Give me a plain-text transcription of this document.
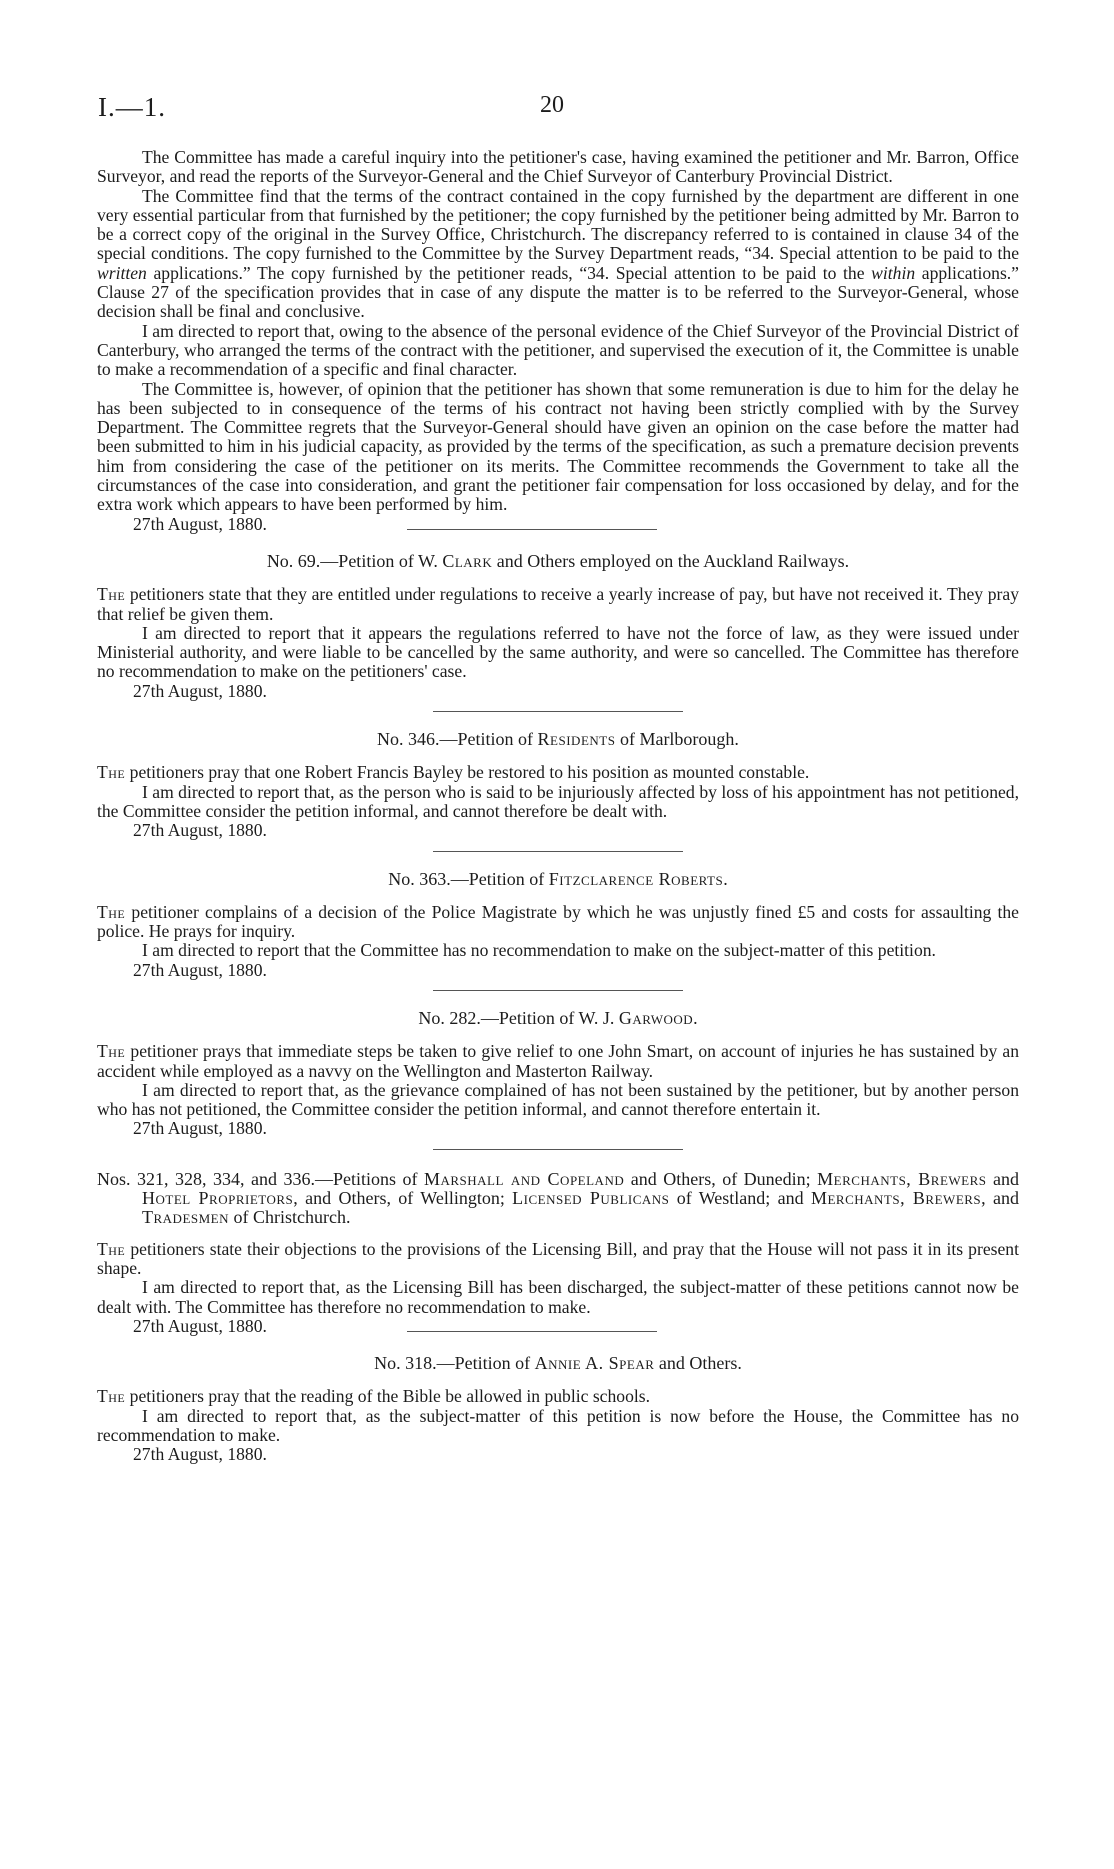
I.—1.	20

The Committee has made a careful inquiry into the petitioner's case, having examined the petitioner and Mr. Barron, Office Surveyor, and read the reports of the Surveyor-General and the Chief Surveyor of Canterbury Provincial District.

The Committee find that the terms of the contract contained in the copy furnished by the department are different in one very essential particular from that furnished by the petitioner; the copy furnished by the petitioner being admitted by Mr. Barron to be a correct copy of the original in the Survey Office, Christchurch. The discrepancy referred to is contained in clause 34 of the special conditions. The copy furnished to the Committee by the Survey Department reads, “34. Special attention to be paid to the written applications.” The copy furnished by the petitioner reads, “34. Special attention to be paid to the within applications.” Clause 27 of the specification provides that in case of any dispute the matter is to be referred to the Surveyor-General, whose decision shall be final and conclusive.

I am directed to report that, owing to the absence of the personal evidence of the Chief Surveyor of the Provincial District of Canterbury, who arranged the terms of the contract with the petitioner, and supervised the execution of it, the Committee is unable to make a recommendation of a specific and final character.

The Committee is, however, of opinion that the petitioner has shown that some remuneration is due to him for the delay he has been subjected to in consequence of the terms of his contract not having been strictly complied with by the Survey Department. The Committee regrets that the Surveyor-General should have given an opinion on the case before the matter had been submitted to him in his judicial capacity, as provided by the terms of the specification, as such a premature decision prevents him from considering the case of the petitioner on its merits. The Committee recommends the Government to take all the circumstances of the case into consideration, and grant the petitioner fair compensation for loss occasioned by delay, and for the extra work which appears to have been performed by him.

27th August, 1880.

No. 69.—Petition of W. Clark and Others employed on the Auckland Railways.

The petitioners state that they are entitled under regulations to receive a yearly increase of pay, but have not received it. They pray that relief be given them.

I am directed to report that it appears the regulations referred to have not the force of law, as they were issued under Ministerial authority, and were liable to be cancelled by the same authority, and were so cancelled. The Committee has therefore no recommendation to make on the petitioners' case.

27th August, 1880.

No. 346.—Petition of Residents of Marlborough.

The petitioners pray that one Robert Francis Bayley be restored to his position as mounted constable.

I am directed to report that, as the person who is said to be injuriously affected by loss of his appointment has not petitioned, the Committee consider the petition informal, and cannot therefore be dealt with.

27th August, 1880.

No. 363.—Petition of Fitzclarence Roberts.

The petitioner complains of a decision of the Police Magistrate by which he was unjustly fined £5 and costs for assaulting the police. He prays for inquiry.

I am directed to report that the Committee has no recommendation to make on the subject-matter of this petition.

27th August, 1880.

No. 282.—Petition of W. J. Garwood.

The petitioner prays that immediate steps be taken to give relief to one John Smart, on account of injuries he has sustained by an accident while employed as a navvy on the Wellington and Masterton Railway.

I am directed to report that, as the grievance complained of has not been sustained by the petitioner, but by another person who has not petitioned, the Committee consider the petition informal, and cannot therefore entertain it.

27th August, 1880.

Nos. 321, 328, 334, and 336.—Petitions of Marshall and Copeland and Others, of Dunedin; Merchants, Brewers and Hotel Proprietors, and Others, of Wellington; Licensed Publicans of Westland; and Merchants, Brewers, and Tradesmen of Christchurch.

The petitioners state their objections to the provisions of the Licensing Bill, and pray that the House will not pass it in its present shape.

I am directed to report that, as the Licensing Bill has been discharged, the subject-matter of these petitions cannot now be dealt with. The Committee has therefore no recommendation to make.

27th August, 1880.

No. 318.—Petition of Annie A. Spear and Others.

The petitioners pray that the reading of the Bible be allowed in public schools.

I am directed to report that, as the subject-matter of this petition is now before the House, the Committee has no recommendation to make.

27th August, 1880.
